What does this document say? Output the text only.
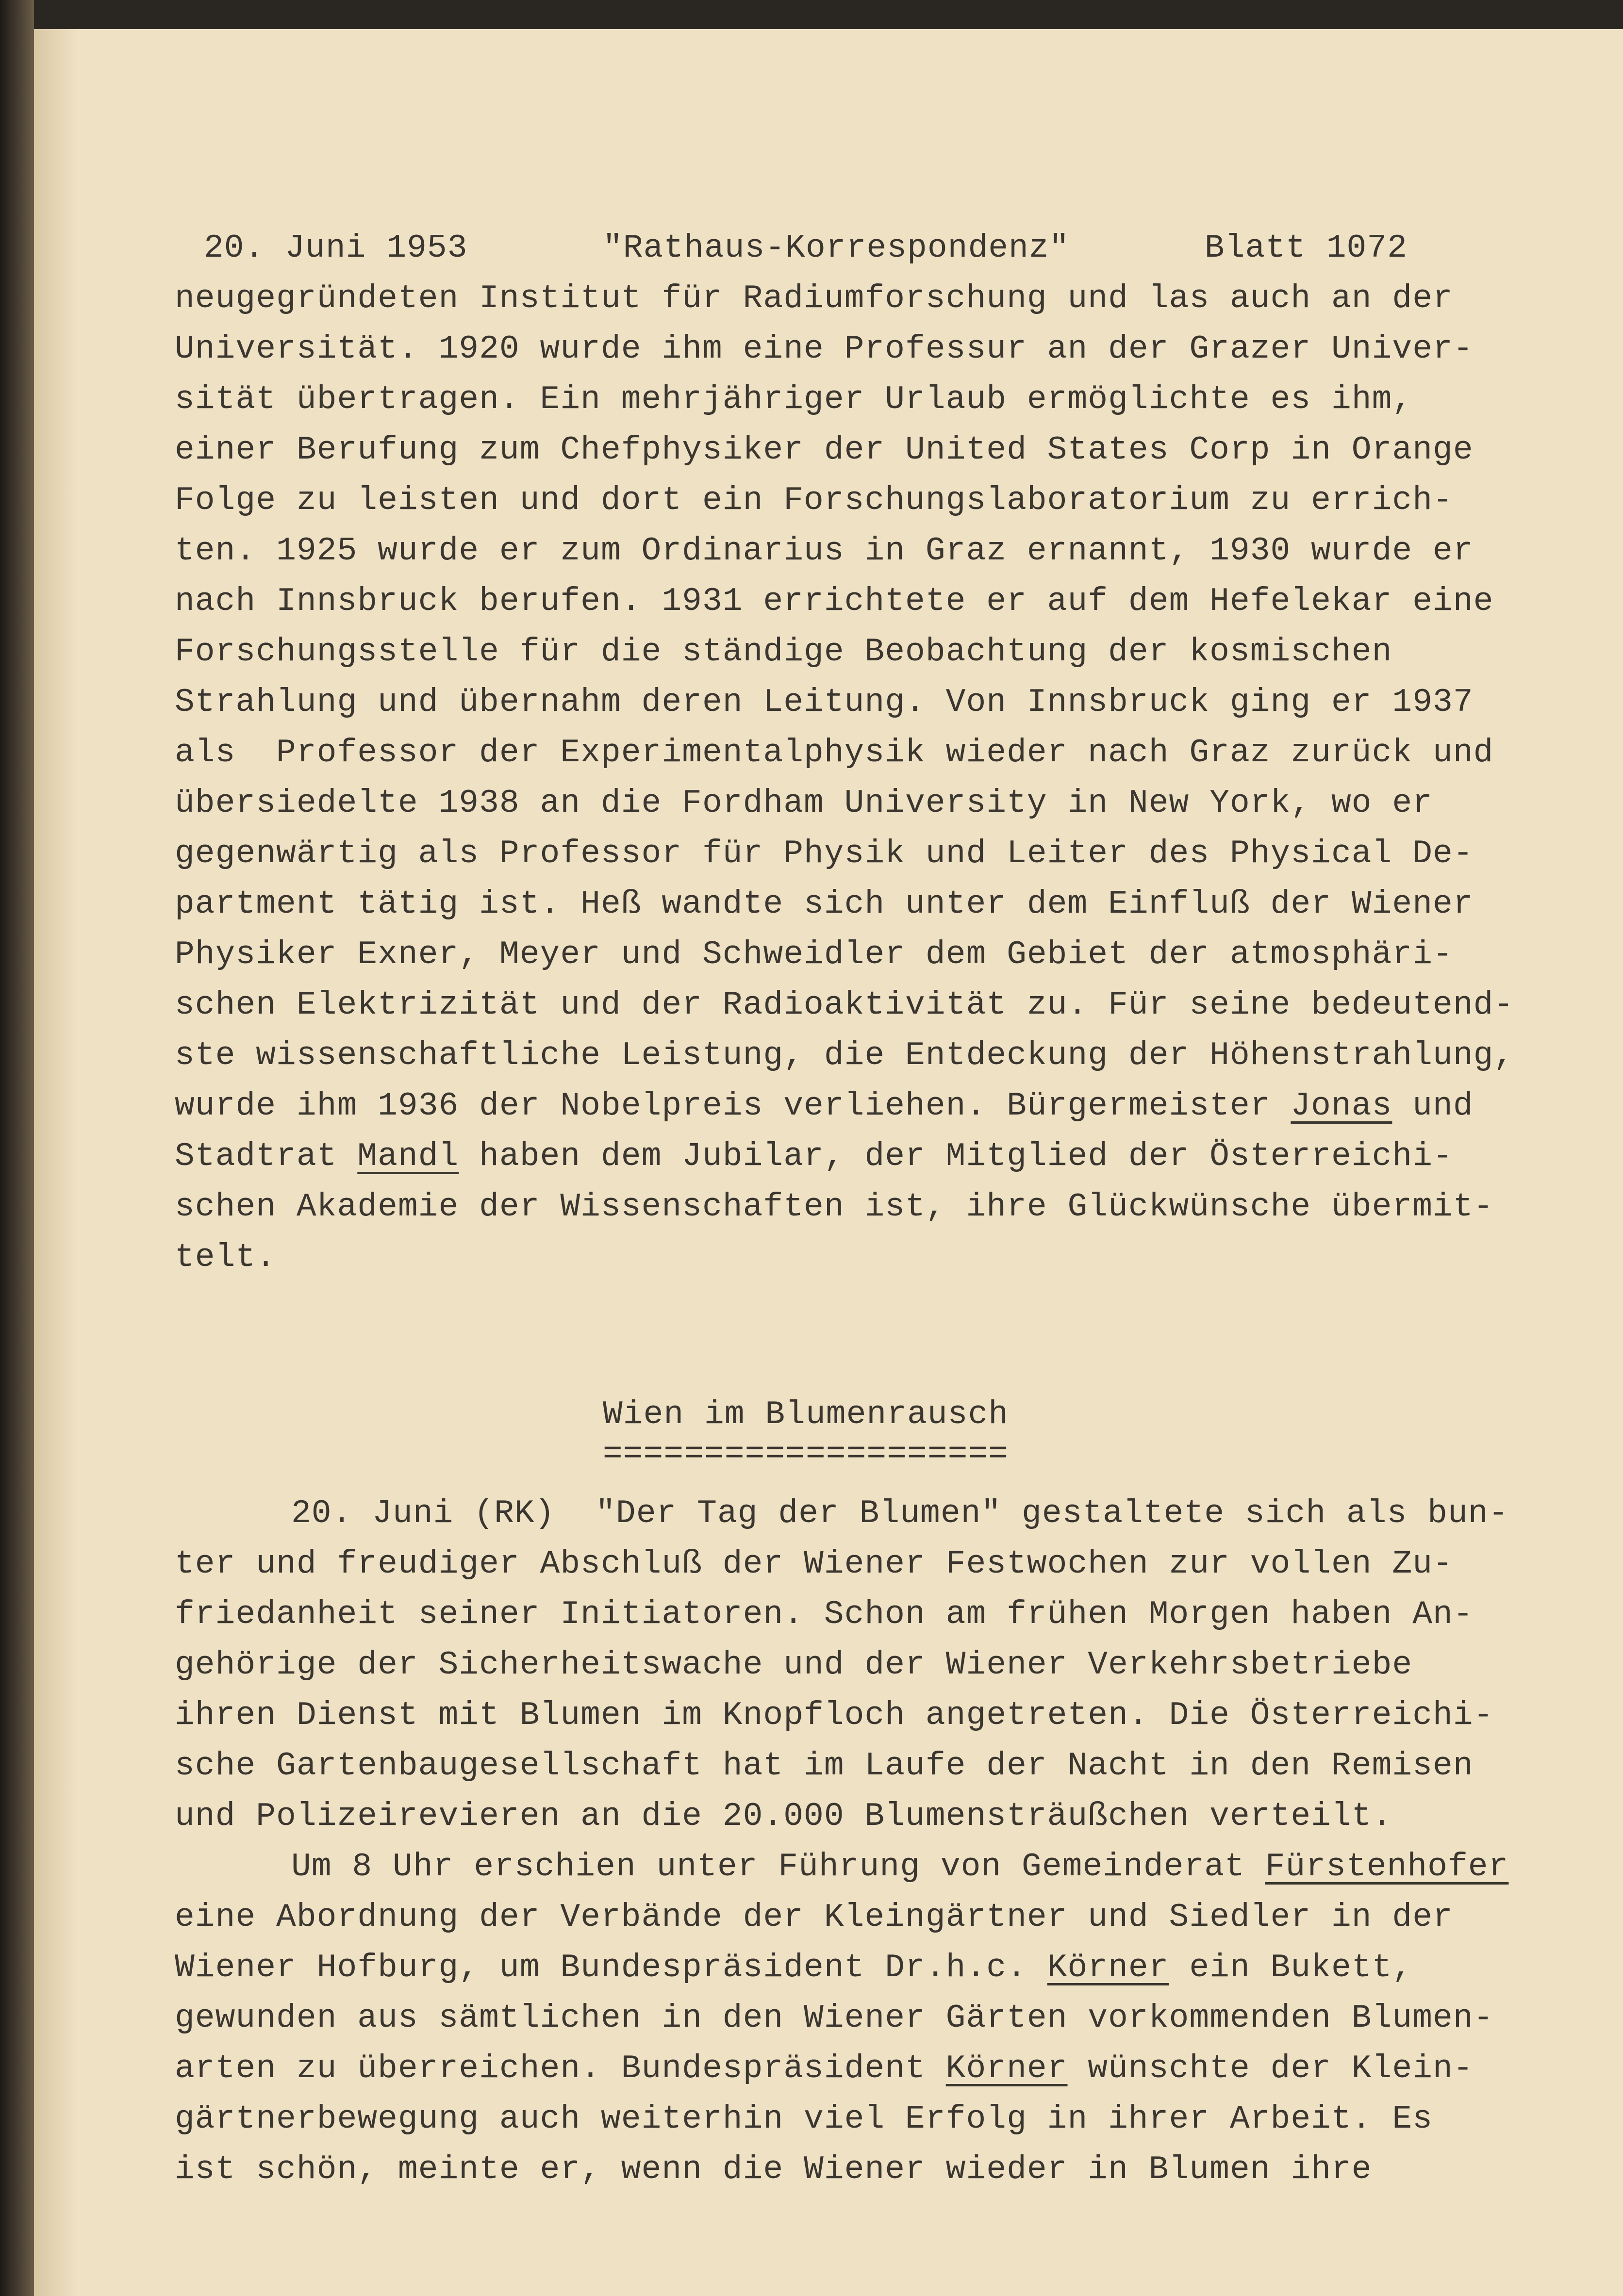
20. Juni 1953	"Rathaus-Korrespondenz"	Blatt 1072
neugegründeten Institut für Radiumforschung und las auch an der
Universität. 1920 wurde ihm eine Professur an der Grazer Univer-
sität übertragen. Ein mehrjähriger Urlaub ermöglichte es ihm,
einer Berufung zum Chefphysiker der United States Corp in Orange
Folge zu leisten und dort ein Forschungslaboratorium zu errich-
ten. 1925 wurde er zum Ordinarius in Graz ernannt, 1930 wurde er
nach Innsbruck berufen. 1931 errichtete er auf dem Hefelekar eine
Forschungsstelle für die ständige Beobachtung der kosmischen
Strahlung und übernahm deren Leitung. Von Innsbruck ging er 1937
als  Professor der Experimentalphysik wieder nach Graz zurück und
übersiedelte 1938 an die Fordham University in New York, wo er
gegenwärtig als Professor für Physik und Leiter des Physical De-
partment tätig ist. Heß wandte sich unter dem Einfluß der Wiener
Physiker Exner, Meyer und Schweidler dem Gebiet der atmosphäri-
schen Elektrizität und der Radioaktivität zu. Für seine bedeutend-
ste wissenschaftliche Leistung, die Entdeckung der Höhenstrahlung,
wurde ihm 1936 der Nobelpreis verliehen. Bürgermeister Jonas und
Stadtrat Mandl haben dem Jubilar, der Mitglied der Österreichi-
schen Akademie der Wissenschaften ist, ihre Glückwünsche übermit-
telt.
Wien im Blumenrausch
====================
20. Juni (RK)  "Der Tag der Blumen" gestaltete sich als bun-
ter und freudiger Abschluß der Wiener Festwochen zur vollen Zu-
friedanheit seiner Initiatoren. Schon am frühen Morgen haben An-
gehörige der Sicherheitswache und der Wiener Verkehrsbetriebe
ihren Dienst mit Blumen im Knopfloch angetreten. Die Österreichi-
sche Gartenbaugesellschaft hat im Laufe der Nacht in den Remisen
und Polizeirevieren an die 20.000 Blumensträußchen verteilt.
Um 8 Uhr erschien unter Führung von Gemeinderat Fürstenhofer
eine Abordnung der Verbände der Kleingärtner und Siedler in der
Wiener Hofburg, um Bundespräsident Dr.h.c. Körner ein Bukett,
gewunden aus sämtlichen in den Wiener Gärten vorkommenden Blumen-
arten zu überreichen. Bundespräsident Körner wünschte der Klein-
gärtnerbewegung auch weiterhin viel Erfolg in ihrer Arbeit. Es
ist schön, meinte er, wenn die Wiener wieder in Blumen ihre
